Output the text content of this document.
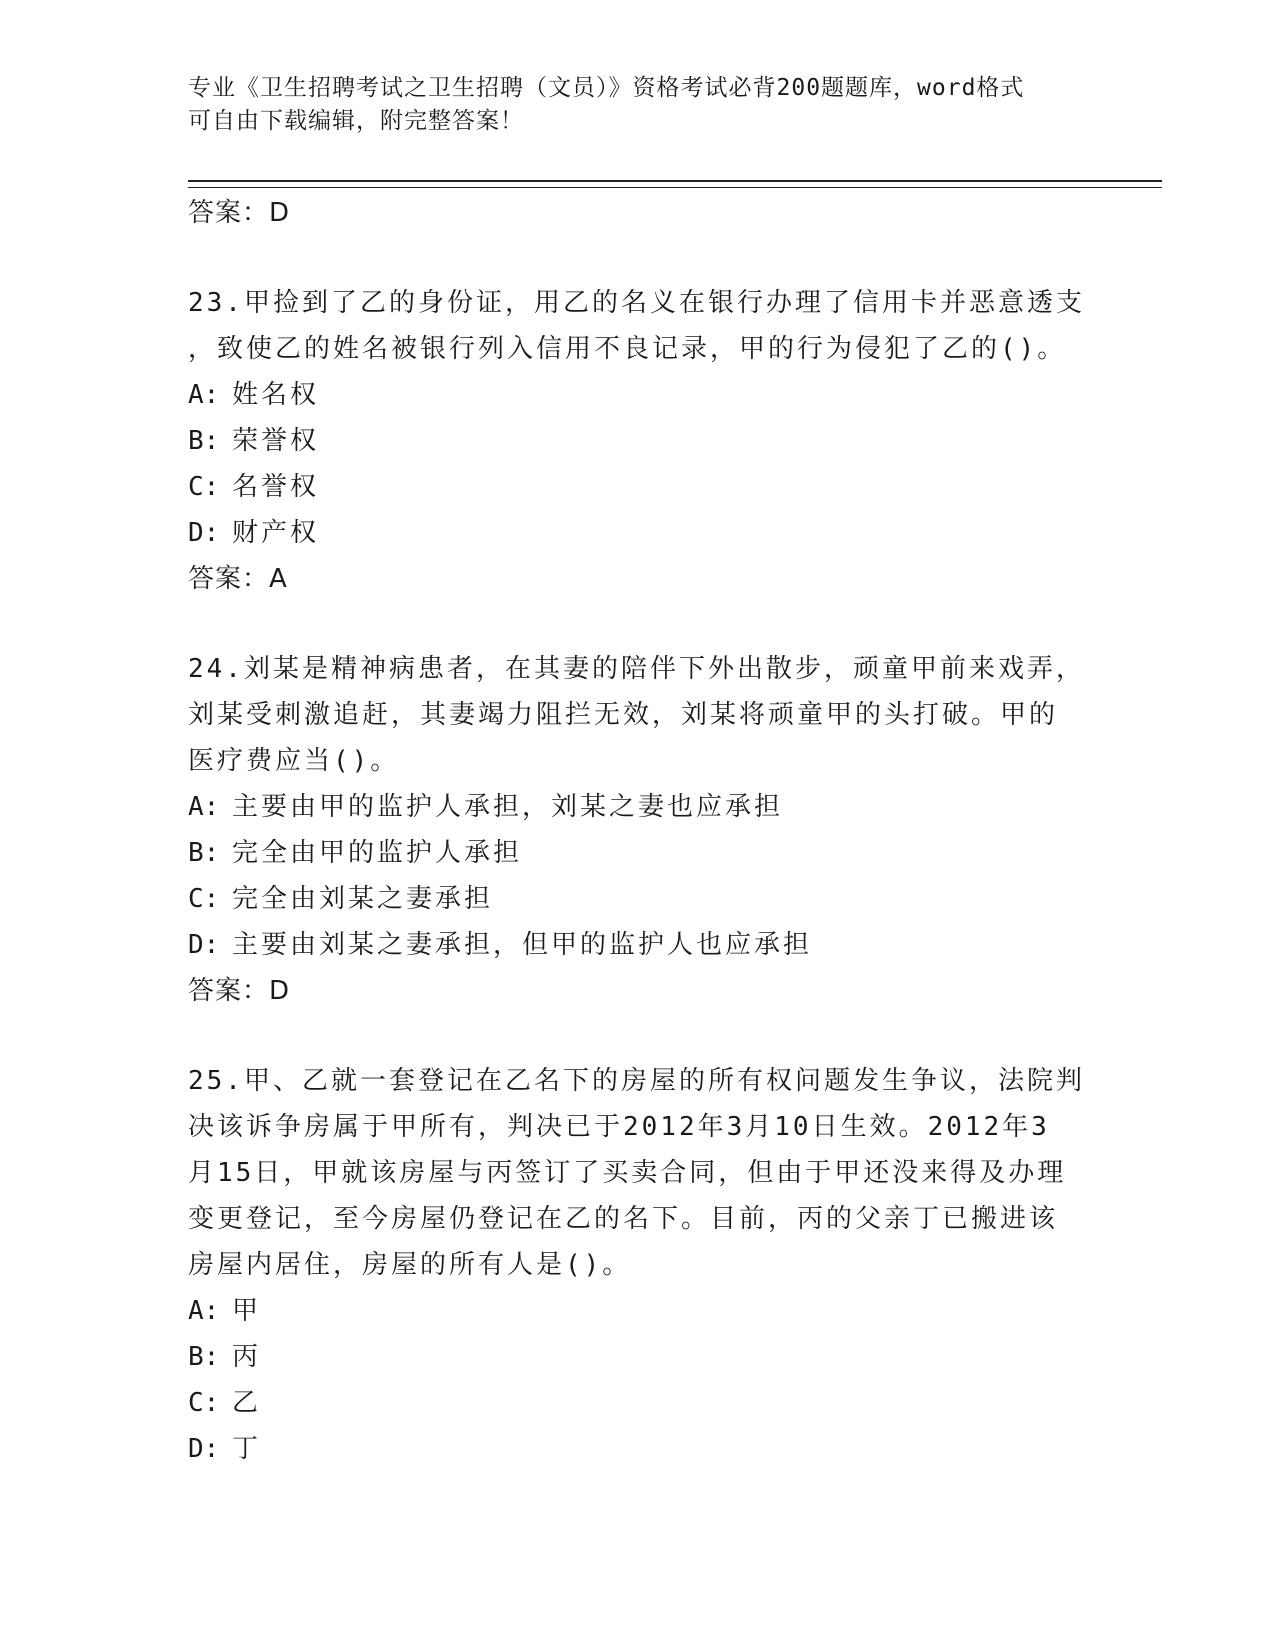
专业《卫生招聘考试之卫生招聘（文员）》资格考试必背200题题库，word格式
可自由下载编辑，附完整答案！
答案：D
23.甲捡到了乙的身份证，用乙的名义在银行办理了信用卡并恶意透支
，致使乙的姓名被银行列入信用不良记录，甲的行为侵犯了乙的()。
A: 姓名权
B: 荣誉权
C: 名誉权
D: 财产权
答案：A
24.刘某是精神病患者，在其妻的陪伴下外出散步，顽童甲前来戏弄，
刘某受刺激追赶，其妻竭力阻拦无效，刘某将顽童甲的头打破。甲的
医疗费应当()。
A: 主要由甲的监护人承担，刘某之妻也应承担
B: 完全由甲的监护人承担
C: 完全由刘某之妻承担
D: 主要由刘某之妻承担，但甲的监护人也应承担
答案：D
25.甲、乙就一套登记在乙名下的房屋的所有权问题发生争议，法院判
决该诉争房属于甲所有，判决已于2012年3月10日生效。2012年3
月15日，甲就该房屋与丙签订了买卖合同，但由于甲还没来得及办理
变更登记，至今房屋仍登记在乙的名下。目前，丙的父亲丁已搬进该
房屋内居住，房屋的所有人是()。
A: 甲
B: 丙
C: 乙
D: 丁
